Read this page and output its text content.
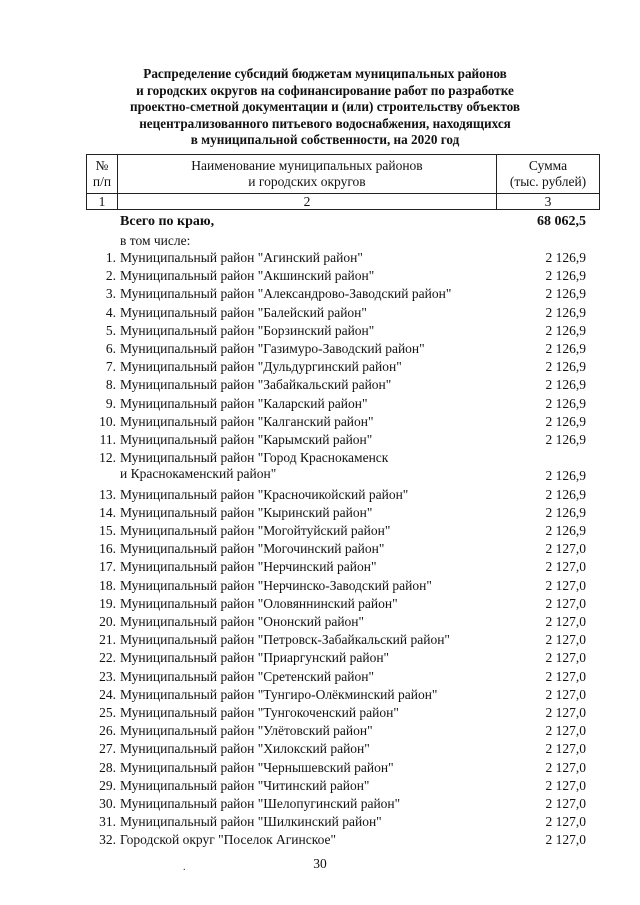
Распределение субсидий бюджетам муниципальных районов
и городских округов на софинансирование работ по разработке
проектно-сметной документации и (или) строительству объектов
нецентрализованного питьевого водоснабжения, находящихся
в муниципальной собственности, на 2020 год
№
п/п	Наименование муниципальных районов
и городских округов	Сумма
(тыс. рублей)
1	2	3
Всего по краю,	68 062,5
в том числе:
1. Муниципальный район "Агинский район"	2 126,9
2. Муниципальный район "Акшинский район"	2 126,9
3. Муниципальный район "Александрово-Заводский район"	2 126,9
4. Муниципальный район "Балейский район"	2 126,9
5. Муниципальный район "Борзинский район"	2 126,9
6. Муниципальный район "Газимуро-Заводский район"	2 126,9
7. Муниципальный район "Дульдургинский район"	2 126,9
8. Муниципальный район "Забайкальский район"	2 126,9
9. Муниципальный район "Каларский район"	2 126,9
10. Муниципальный район "Калганский район"	2 126,9
11. Муниципальный район "Карымский район"	2 126,9
12. Муниципальный район "Город Краснокаменск
и Краснокаменский район"	2 126,9
13. Муниципальный район "Красночикойский район"	2 126,9
14. Муниципальный район "Кыринский район"	2 126,9
15. Муниципальный район "Могойтуйский район"	2 126,9
16. Муниципальный район "Могочинский район"	2 127,0
17. Муниципальный район "Нерчинский район"	2 127,0
18. Муниципальный район "Нерчинско-Заводский район"	2 127,0
19. Муниципальный район "Оловяннинский район"	2 127,0
20. Муниципальный район "Ононский район"	2 127,0
21. Муниципальный район "Петровск-Забайкальский район"	2 127,0
22. Муниципальный район "Приаргунский район"	2 127,0
23. Муниципальный район "Сретенский район"	2 127,0
24. Муниципальный район "Тунгиро-Олёкминский район"	2 127,0
25. Муниципальный район "Тунгокоченский район"	2 127,0
26. Муниципальный район "Улётовский район"	2 127,0
27. Муниципальный район "Хилокский район"	2 127,0
28. Муниципальный район "Чернышевский район"	2 127,0
29. Муниципальный район "Читинский район"	2 127,0
30. Муниципальный район "Шелопугинский район"	2 127,0
31. Муниципальный район "Шилкинский район"	2 127,0
32. Городской округ "Поселок Агинское"	2 127,0
.	30
